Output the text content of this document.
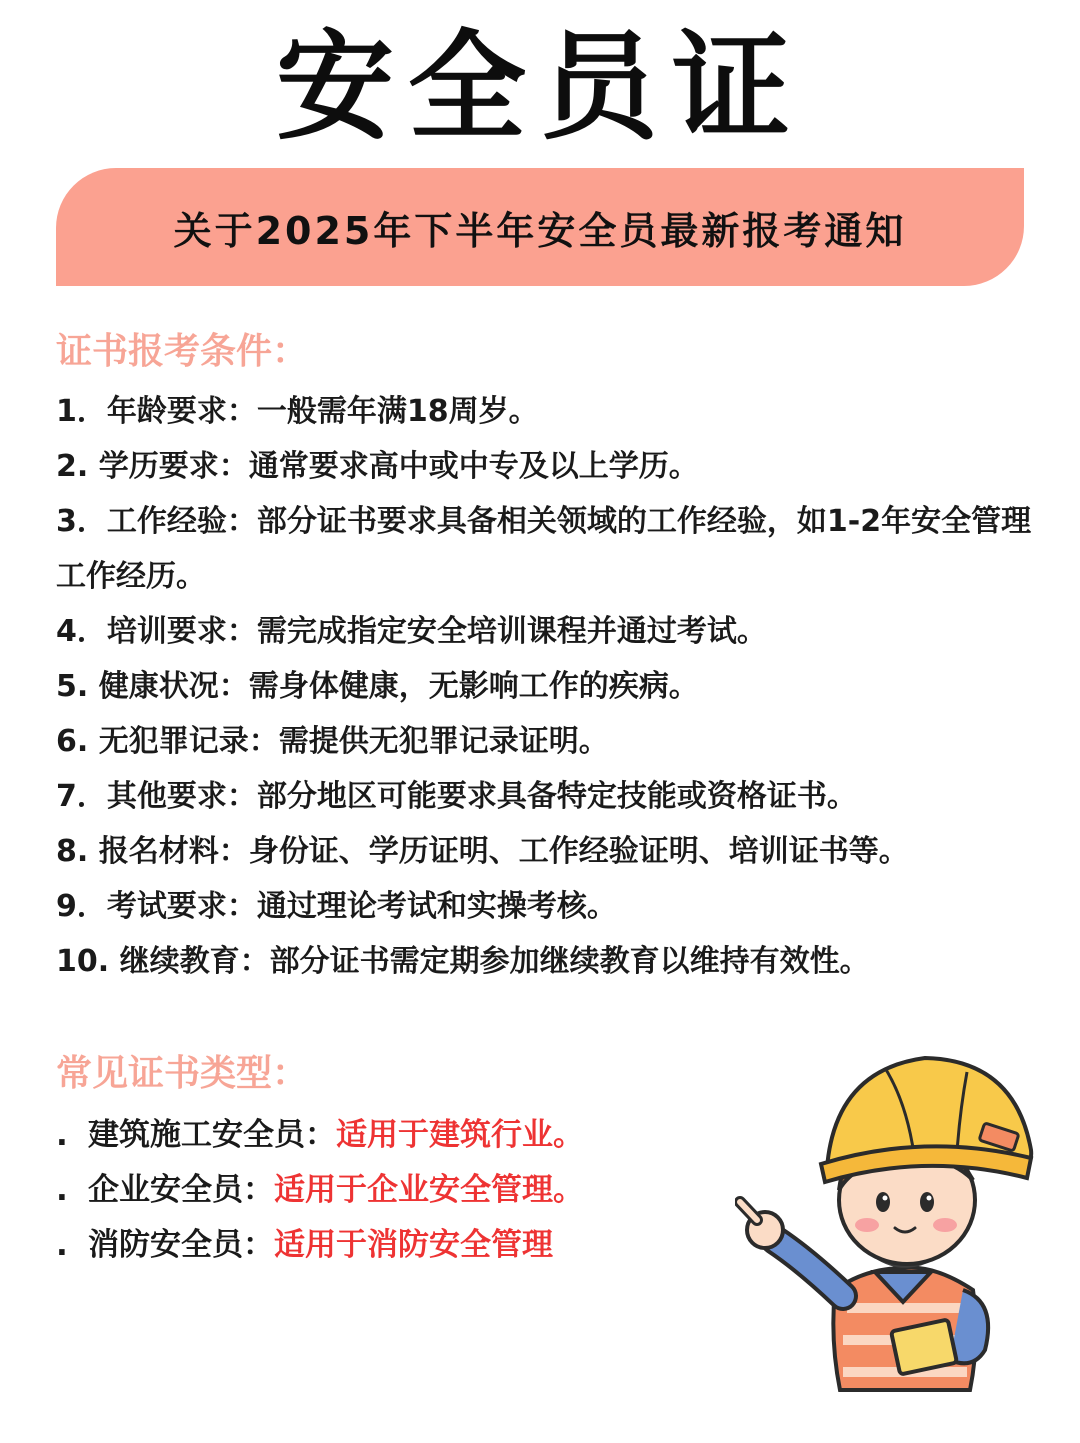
安全员证
关于2025年下半年安全员最新报考通知
证书报考条件：
1．年龄要求：一般需年满18周岁。
2. 学历要求：通常要求高中或中专及以上学历。
3．工作经验：部分证书要求具备相关领域的工作经验，如1-2年安全管理工作经历。
4．培训要求：需完成指定安全培训课程并通过考试。
5. 健康状况：需身体健康，无影响工作的疾病。
6. 无犯罪记录：需提供无犯罪记录证明。
7．其他要求：部分地区可能要求具备特定技能或资格证书。
8. 报名材料：身份证、学历证明、工作经验证明、培训证书等。
9．考试要求：通过理论考试和实操考核。
10. 继续教育：部分证书需定期参加继续教育以维持有效性。
常见证书类型：
. 建筑施工安全员：适用于建筑行业。
. 企业安全员：适用于企业安全管理。
. 消防安全员：适用于消防安全管理
